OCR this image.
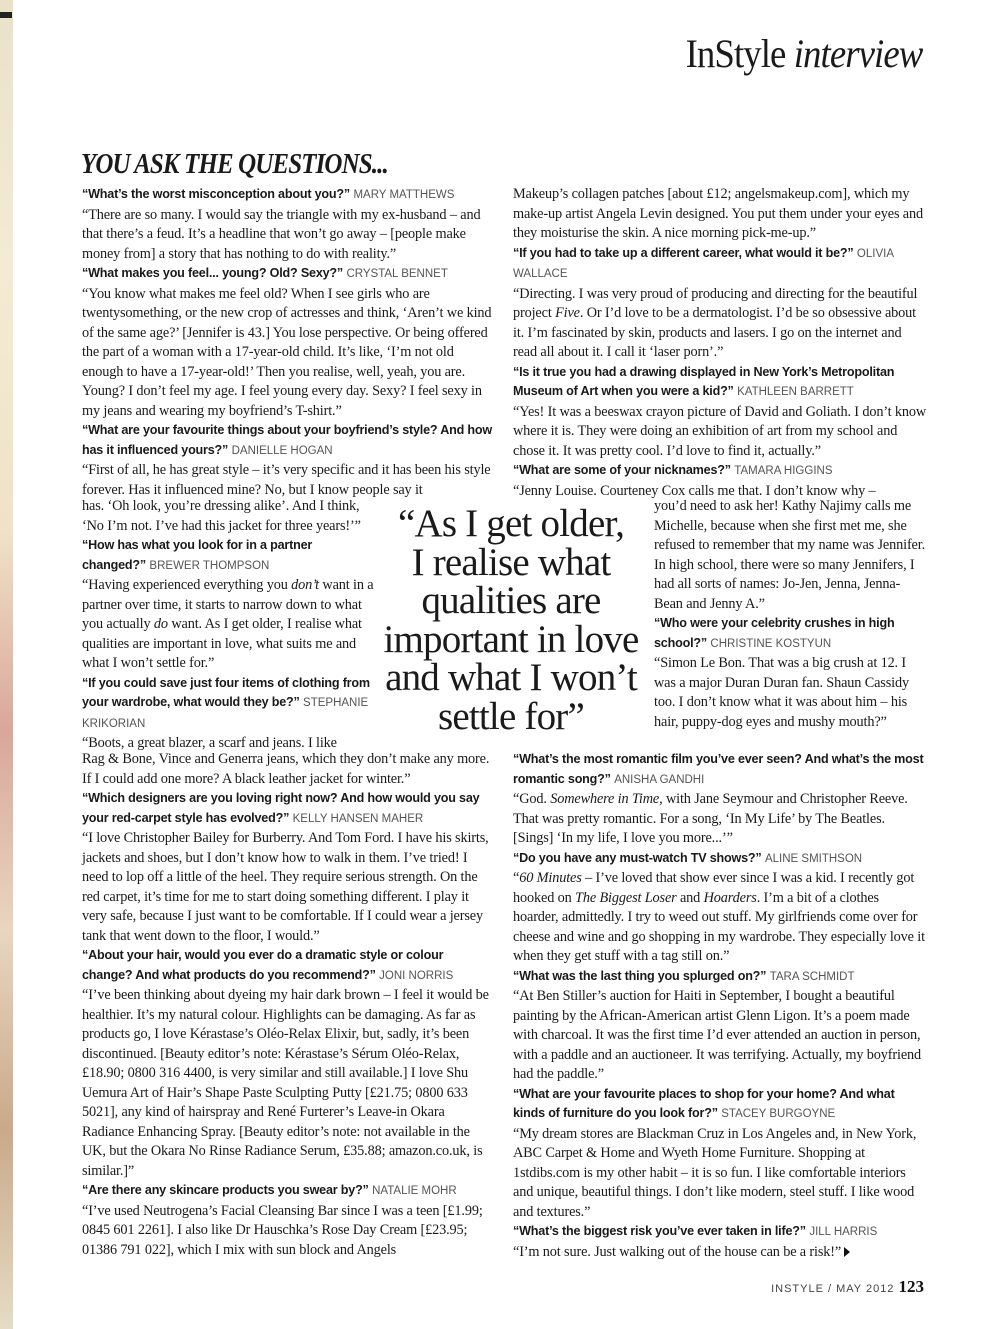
InStyle interview
YOU ASK THE QUESTIONS...

“What’s the worst misconception about you?” MARY MATTHEWS

“There are so many. I would say the triangle with my ex-husband – and that there’s a feud. It’s a headline that won’t go away – [people make money from] a story that has nothing to do with reality.”

“What makes you feel... young? Old? Sexy?” CRYSTAL BENNET

“You know what makes me feel old? When I see girls who are twentysomething, or the new crop of actresses and think, ‘Aren’t we kind of the same age?’ [Jennifer is 43.] You lose perspective. Or being offered the part of a woman with a 17-year-old child. It’s like, ‘I’m not old enough to have a 17-year-old!’ Then you realise, well, yeah, you are. Young? I don’t feel my age. I feel young every day. Sexy? I feel sexy in my jeans and wearing my boyfriend’s T-shirt.”

“What are your favourite things about your boyfriend’s style? And how has it influenced yours?” DANIELLE HOGAN

“First of all, he has great style – it’s very specific and it has been his style forever. Has it influenced mine? No, but I know people say it

has. ‘Oh look, you’re dressing alike’. And I think, ‘No I’m not. I’ve had this jacket for three years!’”

“How has what you look for in a partner changed?” BREWER THOMPSON

“Having experienced everything you don’t want in a partner over time, it starts to narrow down to what you actually do want. As I get older, I realise what qualities are important in love, what suits me and what I won’t settle for.”

“If you could save just four items of clothing from your wardrobe, what would they be?” STEPHANIE KRIKORIAN

“Boots, a great blazer, a scarf and jeans. I like

Rag & Bone, Vince and Generra jeans, which they don’t make any more. If I could add one more? A black leather jacket for winter.”

“Which designers are you loving right now? And how would you say your red-carpet style has evolved?” KELLY HANSEN MAHER

“I love Christopher Bailey for Burberry. And Tom Ford. I have his skirts, jackets and shoes, but I don’t know how to walk in them. I’ve tried! I need to lop off a little of the heel. They require serious strength. On the red carpet, it’s time for me to start doing something different. I play it very safe, because I just want to be comfortable. If I could wear a jersey tank that went down to the floor, I would.”

“About your hair, would you ever do a dramatic style or colour change? And what products do you recommend?” JONI NORRIS

“I’ve been thinking about dyeing my hair dark brown – I feel it would be healthier. It’s my natural colour. Highlights can be damaging. As far as products go, I love Kérastase’s Oléo-Relax Elixir, but, sadly, it’s been discontinued. [Beauty editor’s note: Kérastase’s Sérum Oléo-Relax, £18.90; 0800 316 4400, is very similar and still available.] I love Shu Uemura Art of Hair’s Shape Paste Sculpting Putty [£21.75; 0800 633 5021], any kind of hairspray and René Furterer’s Leave-in Okara Radiance Enhancing Spray. [Beauty editor’s note: not available in the UK, but the Okara No Rinse Radiance Serum, £35.88; amazon.co.uk, is similar.]”

“Are there any skincare products you swear by?” NATALIE MOHR

“I’ve used Neutrogena’s Facial Cleansing Bar since I was a teen [£1.99; 0845 601 2261]. I also like Dr Hauschka’s Rose Day Cream [£23.95; 01386 791 022], which I mix with sun block and Angels

Makeup’s collagen patches [about £12; angelsmakeup.com], which my make-up artist Angela Levin designed. You put them under your eyes and they moisturise the skin. A nice morning pick-me-up.”

“If you had to take up a different career, what would it be?” OLIVIA WALLACE

“Directing. I was very proud of producing and directing for the beautiful project Five. Or I’d love to be a dermatologist. I’d be so obsessive about it. I’m fascinated by skin, products and lasers. I go on the internet and read all about it. I call it ‘laser porn’.”

“Is it true you had a drawing displayed in New York’s Metropolitan Museum of Art when you were a kid?” KATHLEEN BARRETT

“Yes! It was a beeswax crayon picture of David and Goliath. I don’t know where it is. They were doing an exhibition of art from my school and chose it. It was pretty cool. I’d love to find it, actually.”

“What are some of your nicknames?” TAMARA HIGGINS

“Jenny Louise. Courteney Cox calls me that. I don’t know why –

you’d need to ask her! Kathy Najimy calls me Michelle, because when she first met me, she refused to remember that my name was Jennifer. In high school, there were so many Jennifers, I had all sorts of names: Jo-Jen, Jenna, Jenna-Bean and Jenny A.”

“Who were your celebrity crushes in high school?” CHRISTINE KOSTYUN

“Simon Le Bon. That was a big crush at 12. I was a major Duran Duran fan. Shaun Cassidy too. I don’t know what it was about him – his hair, puppy-dog eyes and mushy mouth?”

“What’s the most romantic film you’ve ever seen? And what’s the most romantic song?” ANISHA GANDHI

“God. Somewhere in Time, with Jane Seymour and Christopher Reeve. That was pretty romantic. For a song, ‘In My Life’ by The Beatles. [Sings] ‘In my life, I love you more...’”

“Do you have any must-watch TV shows?” ALINE SMITHSON

“60 Minutes – I’ve loved that show ever since I was a kid. I recently got hooked on The Biggest Loser and Hoarders. I’m a bit of a clothes hoarder, admittedly. I try to weed out stuff. My girlfriends come over for cheese and wine and go shopping in my wardrobe. They especially love it when they get stuff with a tag still on.”

“What was the last thing you splurged on?” TARA SCHMIDT

“At Ben Stiller’s auction for Haiti in September, I bought a beautiful painting by the African-American artist Glenn Ligon. It’s a poem made with charcoal. It was the first time I’d ever attended an auction in person, with a paddle and an auctioneer. It was terrifying. Actually, my boyfriend had the paddle.”

“What are your favourite places to shop for your home? And what kinds of furniture do you look for?” STACEY BURGOYNE

“My dream stores are Blackman Cruz in Los Angeles and, in New York, ABC Carpet & Home and Wyeth Home Furniture. Shopping at 1stdibs.com is my other habit – it is so fun. I like comfortable interiors and unique, beautiful things. I don’t like modern, steel stuff. I like wood and textures.”

“What’s the biggest risk you’ve ever taken in life?” JILL HARRIS

“I’m not sure. Just walking out of the house can be a risk!”

“As I get older,
I realise what
qualities are
important in love
and what I won’t
settle for”
INSTYLE / MAY 2012 123
